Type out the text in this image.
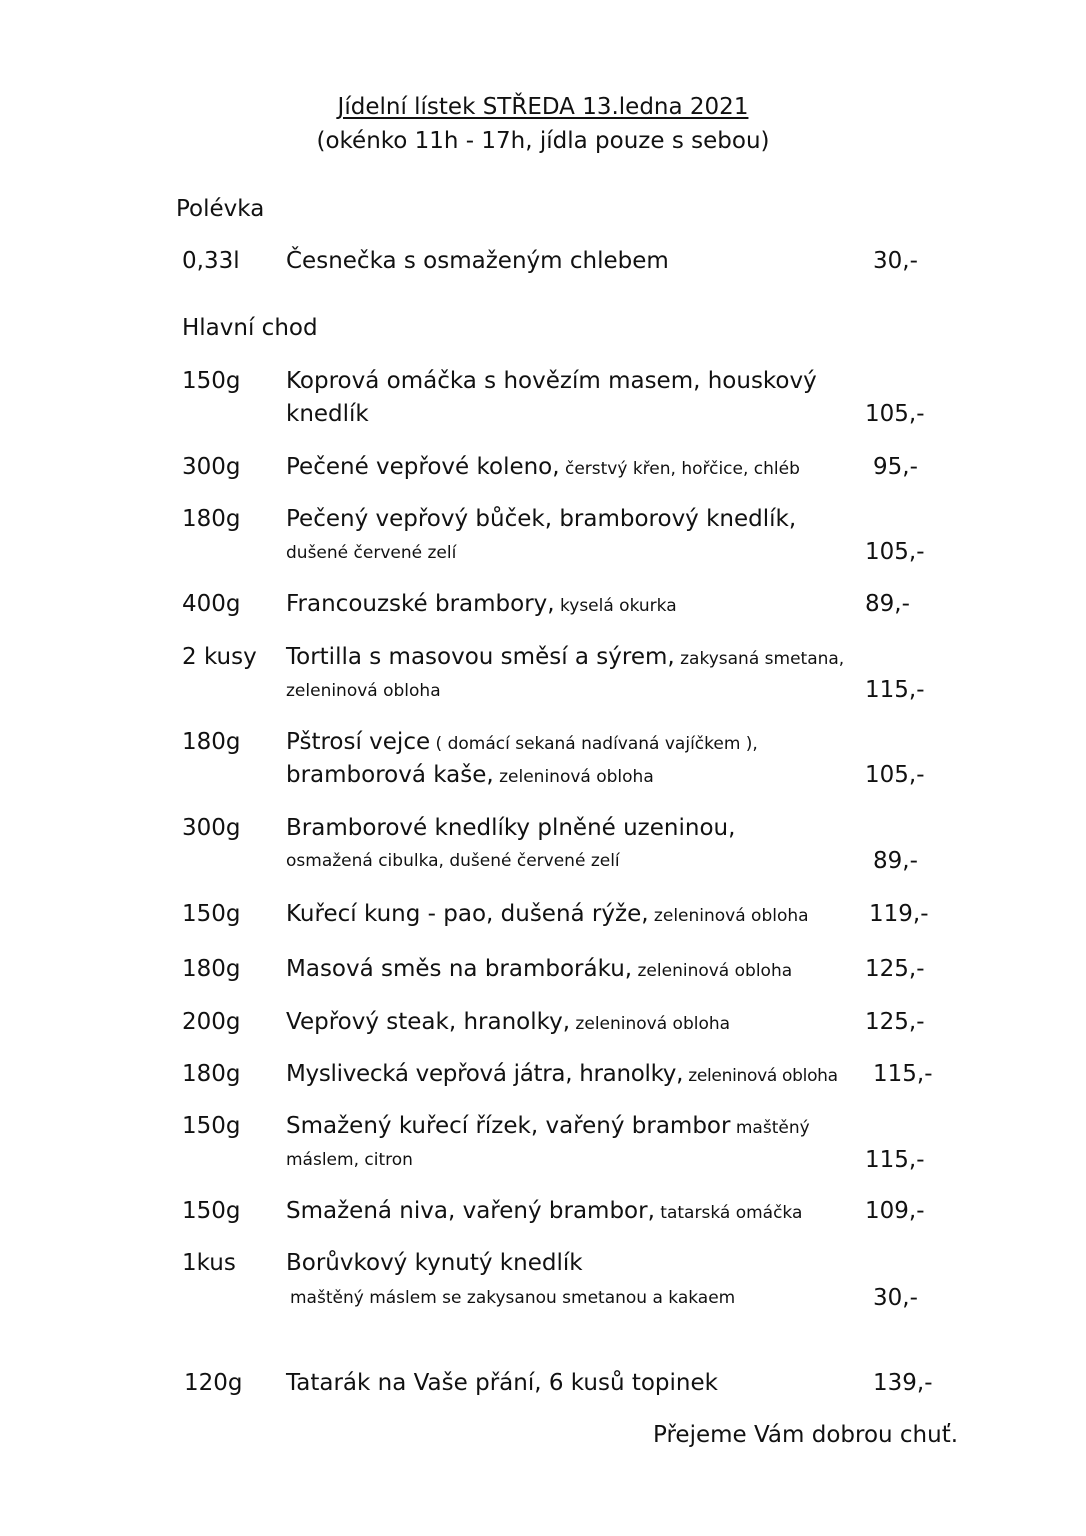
Jídelní lístek STŘEDA 13.ledna 2021
(okénko 11h - 17h, jídla pouze s sebou)
Polévka
0,33l Česnečka s osmaženým chlebem	30,-
Hlavní chod
150g Koprová omáčka s hovězím masem, houskový
knedlík	105,-
300g Pečené vepřové koleno, čerstvý křen, hořčice, chléb	95,-
180g Pečený vepřový bůček, bramborový knedlík,
dušené červené zelí	105,-
400g Francouzské brambory, kyselá okurka	89,-
2 kusy Tortilla s masovou směsí a sýrem, zakysaná smetana,
zeleninová obloha	115,-
180g Pštrosí vejce ( domácí sekaná nadívaná vajíčkem ),
bramborová kaše, zeleninová obloha	105,-
300g Bramborové knedlíky plněné uzeninou,
osmažená cibulka, dušené červené zelí	89,-
150g Kuřecí kung - pao, dušená rýže, zeleninová obloha	119,-
180g Masová směs na bramboráku, zeleninová obloha	125,-
200g Vepřový steak, hranolky, zeleninová obloha	125,-
180g Myslivecká vepřová játra, hranolky, zeleninová obloha 115,-
150g Smažený kuřecí řízek, vařený brambor maštěný
máslem, citron	115,-
150g Smažená niva, vařený brambor, tatarská omáčka	109,-
1kus Borůvkový kynutý knedlík
maštěný máslem se zakysanou smetanou a kakaem	30,-
120g Tatarák na Vaše přání, 6 kusů topinek	139,-
Přejeme Vám dobrou chuť.
